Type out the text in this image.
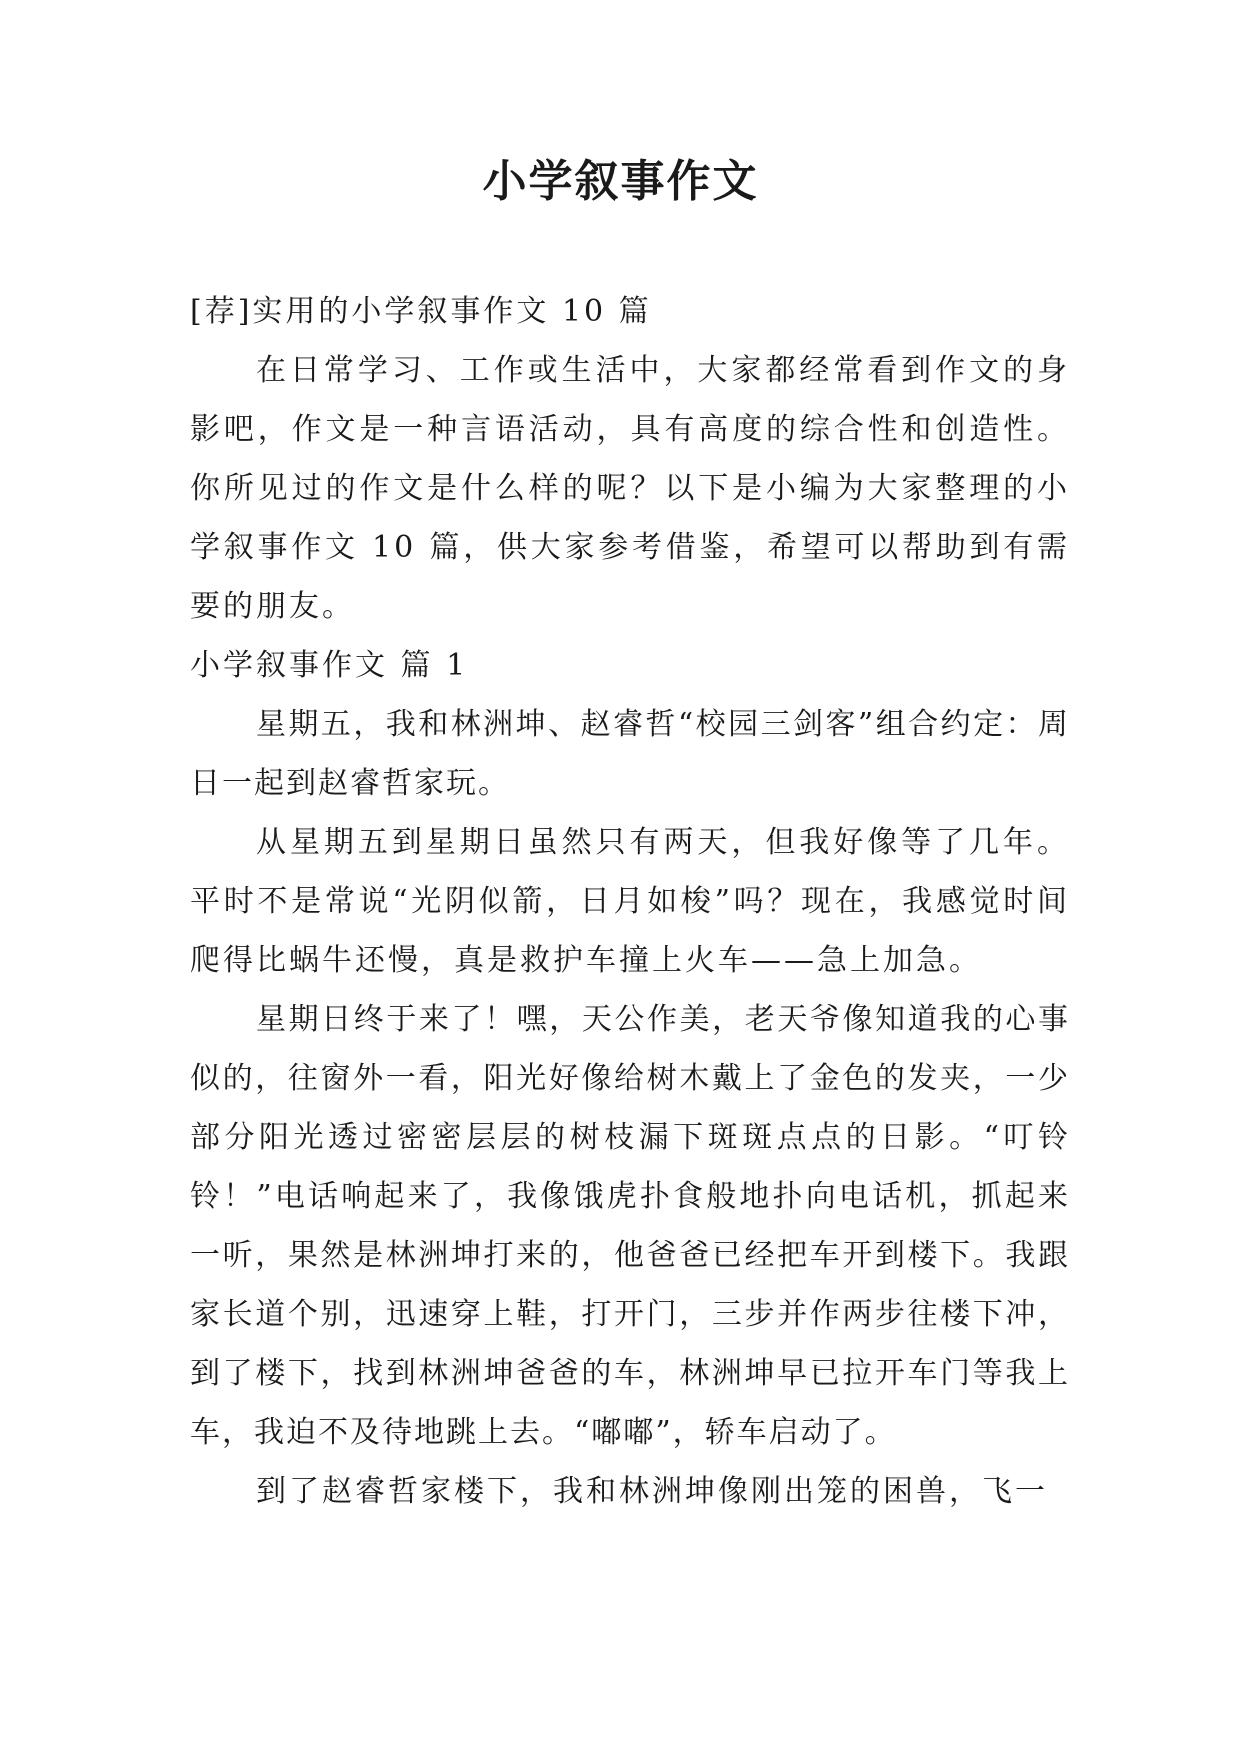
小学叙事作文

[荐]实用的小学叙事作文 10 篇

在日常学习、工作或生活中，大家都经常看到作文的身影吧，作文是一种言语活动，具有高度的综合性和创造性。你所见过的作文是什么样的呢？以下是小编为大家整理的小学叙事作文 10 篇，供大家参考借鉴，希望可以帮助到有需要的朋友。

小学叙事作文 篇 1

星期五，我和林洲坤、赵睿哲“校园三剑客”组合约定：周日一起到赵睿哲家玩。

从星期五到星期日虽然只有两天，但我好像等了几年。平时不是常说“光阴似箭，日月如梭”吗？现在，我感觉时间爬得比蜗牛还慢，真是救护车撞上火车——急上加急。

星期日终于来了！嘿，天公作美，老天爷像知道我的心事似的，往窗外一看，阳光好像给树木戴上了金色的发夹，一少部分阳光透过密密层层的树枝漏下斑斑点点的日影。“叮铃铃！”电话响起来了，我像饿虎扑食般地扑向电话机，抓起来一听，果然是林洲坤打来的，他爸爸已经把车开到楼下。我跟家长道个别，迅速穿上鞋，打开门，三步并作两步往楼下冲，到了楼下，找到林洲坤爸爸的车，林洲坤早已拉开车门等我上车，我迫不及待地跳上去。“嘟嘟”，轿车启动了。

到了赵睿哲家楼下，我和林洲坤像刚出笼的困兽，飞一
